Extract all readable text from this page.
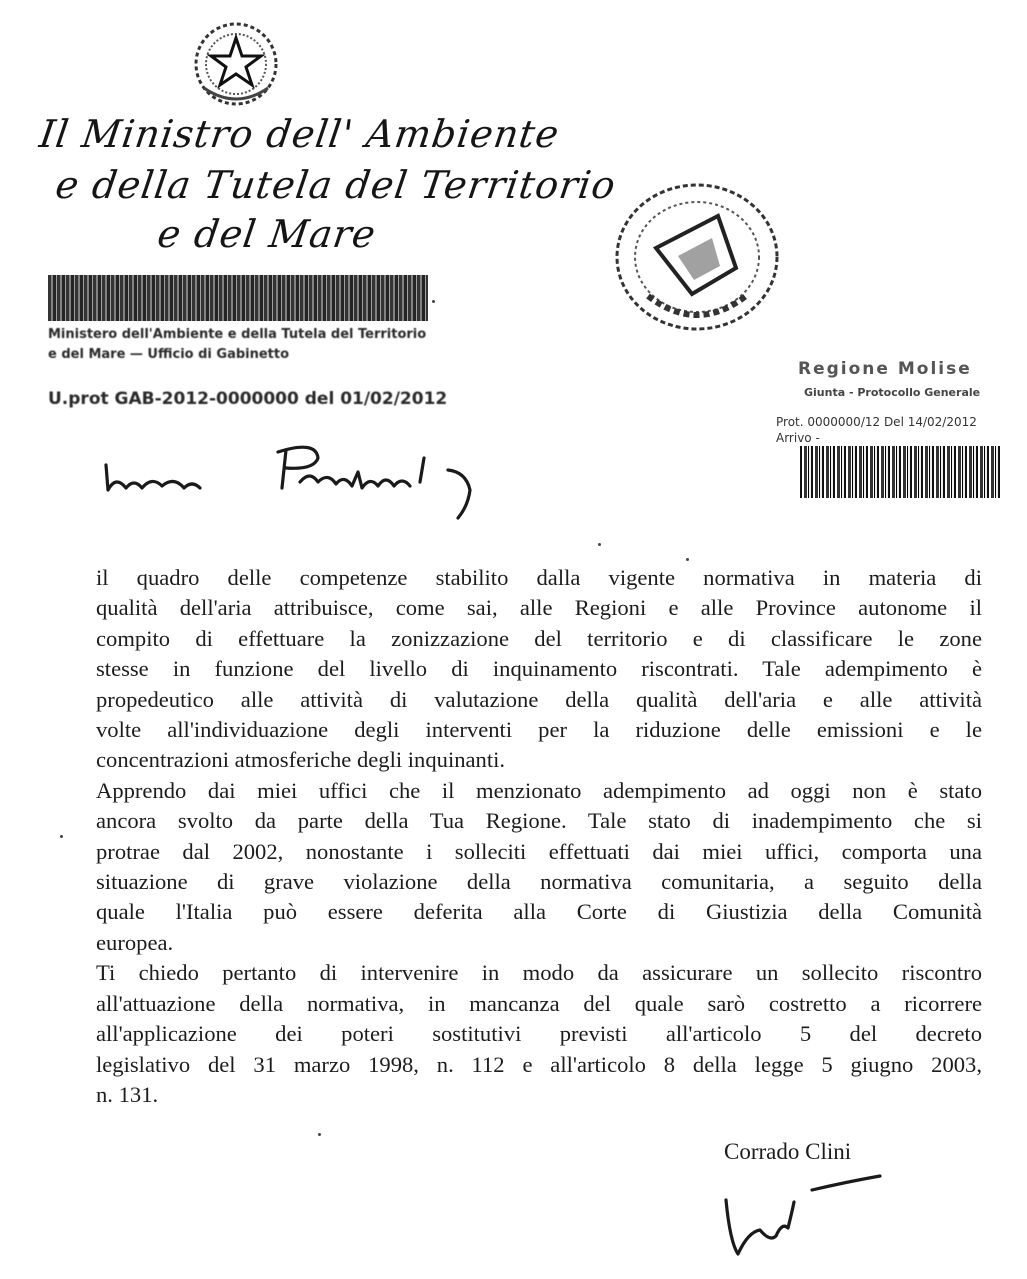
Il Ministro dell' Ambiente
e della Tutela del Territorio
e del Mare
Ministero dell'Ambiente e della Tutela del Territorio
e del Mare — Ufficio di Gabinetto
U.prot GAB-2012-0000000 del 01/02/2012
Regione Molise
Giunta - Protocollo Generale
Prot. 0000000/12 Del 14/02/2012
Arrivo -

il quadro delle competenze stabilito dalla vigente normativa in materia di

qualità dell'aria attribuisce, come sai, alle Regioni e alle Province autonome il

compito di effettuare la zonizzazione del territorio e di classificare le zone

stesse in funzione del livello di inquinamento riscontrati. Tale adempimento è

propedeutico alle attività di valutazione della qualità dell'aria e alle attività

volte all'individuazione degli interventi per la riduzione delle emissioni e le

concentrazioni atmosferiche degli inquinanti.

Apprendo dai miei uffici che il menzionato adempimento ad oggi non è stato

ancora svolto da parte della Tua Regione. Tale stato di inadempimento che si

protrae dal 2002, nonostante i solleciti effettuati dai miei uffici, comporta una

situazione di grave violazione della normativa comunitaria, a seguito della

quale l'Italia può essere deferita alla Corte di Giustizia della Comunità

europea.

Ti chiedo pertanto di intervenire in modo da assicurare un sollecito riscontro

all'attuazione della normativa, in mancanza del quale sarò costretto a ricorrere

all'applicazione dei poteri sostitutivi previsti all'articolo 5 del decreto

legislativo del 31 marzo 1998, n. 112 e all'articolo 8 della legge 5 giugno 2003,

n. 131.

Corrado Clini
